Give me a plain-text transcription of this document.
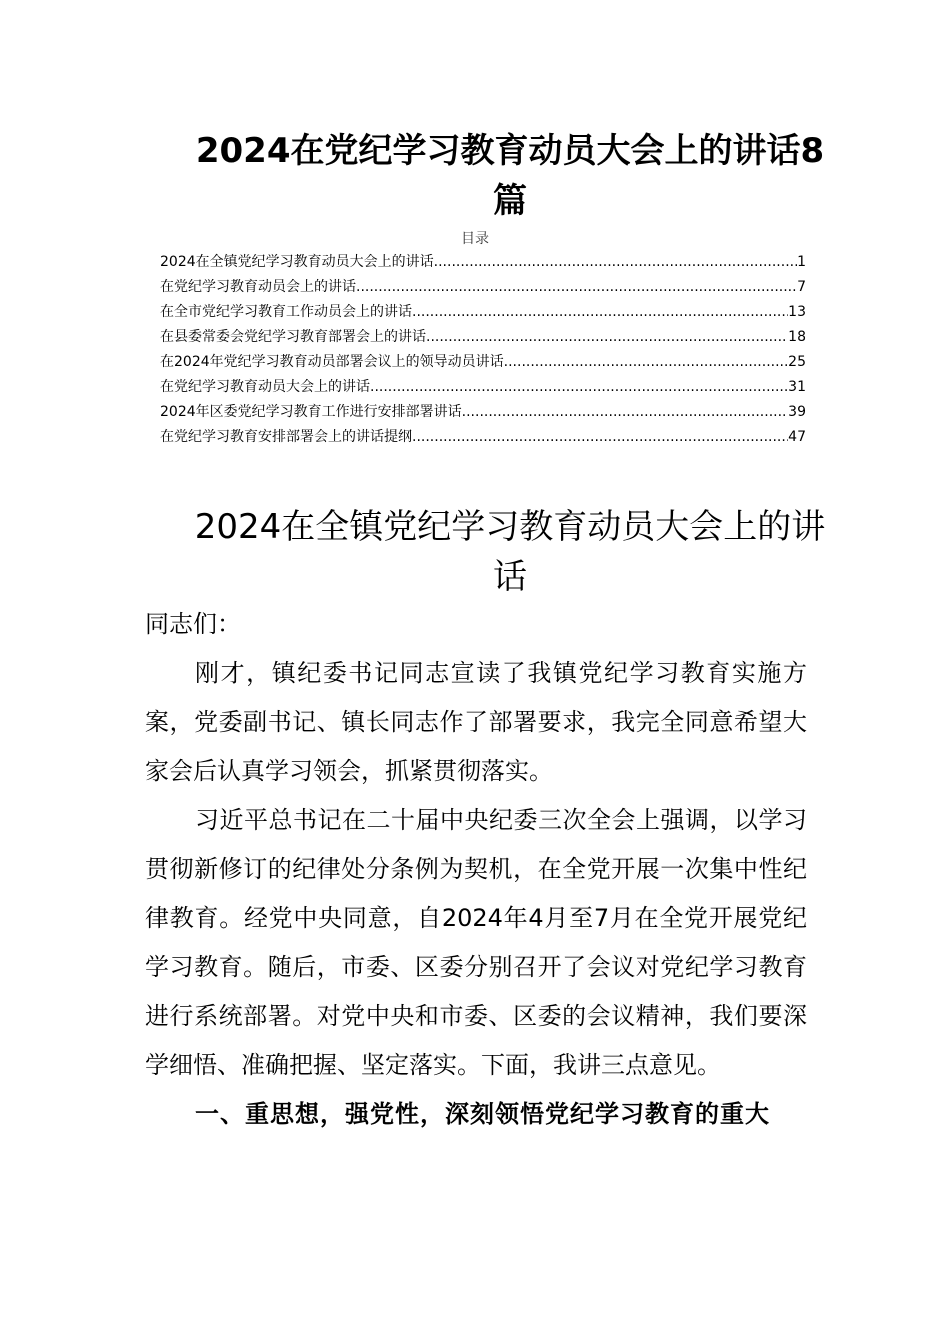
2024在党纪学习教育动员大会上的讲话8篇
目录
2024在全镇党纪学习教育动员大会上的讲话 .....	1
在党纪学习教育动员会上的讲话 .....	7
在全市党纪学习教育工作动员会上的讲话 .....	13
在县委常委会党纪学习教育部署会上的讲话 .....	18
在2024年党纪学习教育动员部署会议上的领导动员讲话 .....	25
在党纪学习教育动员大会上的讲话 .....	31
2024年区委党纪学习教育工作进行安排部署讲话 .....	39
在党纪学习教育安排部署会上的讲话提纲 .....	47
2024在全镇党纪学习教育动员大会上的讲话

同志们：

刚才，镇纪委书记同志宣读了我镇党纪学习教育实施方案，党委副书记、镇长同志作了部署要求，我完全同意希望大家会后认真学习领会，抓紧贯彻落实。

习近平总书记在二十届中央纪委三次全会上强调，以学习贯彻新修订的纪律处分条例为契机，在全党开展一次集中性纪律教育。经党中央同意，自2024年4月至7月在全党开展党纪学习教育。随后，市委、区委分别召开了会议对党纪学习教育进行系统部署。对党中央和市委、区委的会议精神，我们要深学细悟、准确把握、坚定落实。下面，我讲三点意见。

一、重思想，强党性，深刻领悟党纪学习教育的重大
